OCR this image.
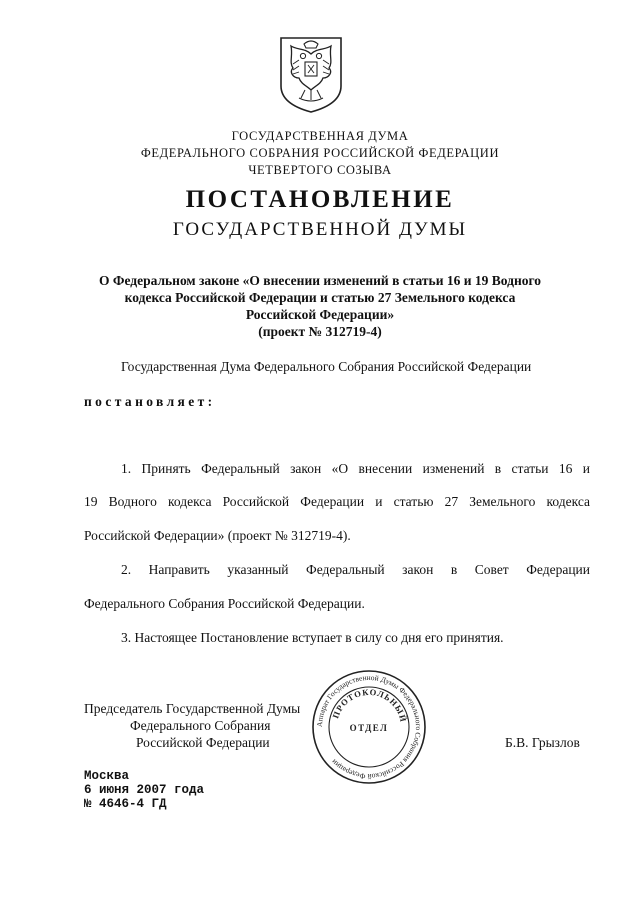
ГОСУДАРСТВЕННАЯ ДУМА
ФЕДЕРАЛЬНОГО СОБРАНИЯ РОССИЙСКОЙ ФЕДЕРАЦИИ
ЧЕТВЕРТОГО СОЗЫВА
ПОСТАНОВЛЕНИЕ
ГОСУДАРСТВЕННОЙ ДУМЫ
О Федеральном законе «О внесении изменений в статьи 16 и 19 Водного
кодекса Российской Федерации и статью 27 Земельного кодекса
Российской Федерации»
(проект № 312719-4)
Государственная Дума Федерального Собрания Российской Федерации
постановляет:
1. Принять Федеральный закон «О внесении изменений в статьи 16 и
19 Водного кодекса Российской Федерации и статью 27 Земельного кодекса
Российской Федерации» (проект № 312719-4).
2. Направить указанный Федеральный закон в Совет Федерации
Федерального Собрания Российской Федерации.
3. Настоящее Постановление вступает в силу со дня его принятия.
Председатель Государственной Думы
Федерального Собрания
Российской Федерации	Б.В. Грызлов
Аппарат Государственной Думы Федерального Собрания Российской Федерации
ПРОТОКОЛЬНЫЙ
ОТДЕЛ
Москва
6 июня 2007 года
№ 4646-4 ГД
